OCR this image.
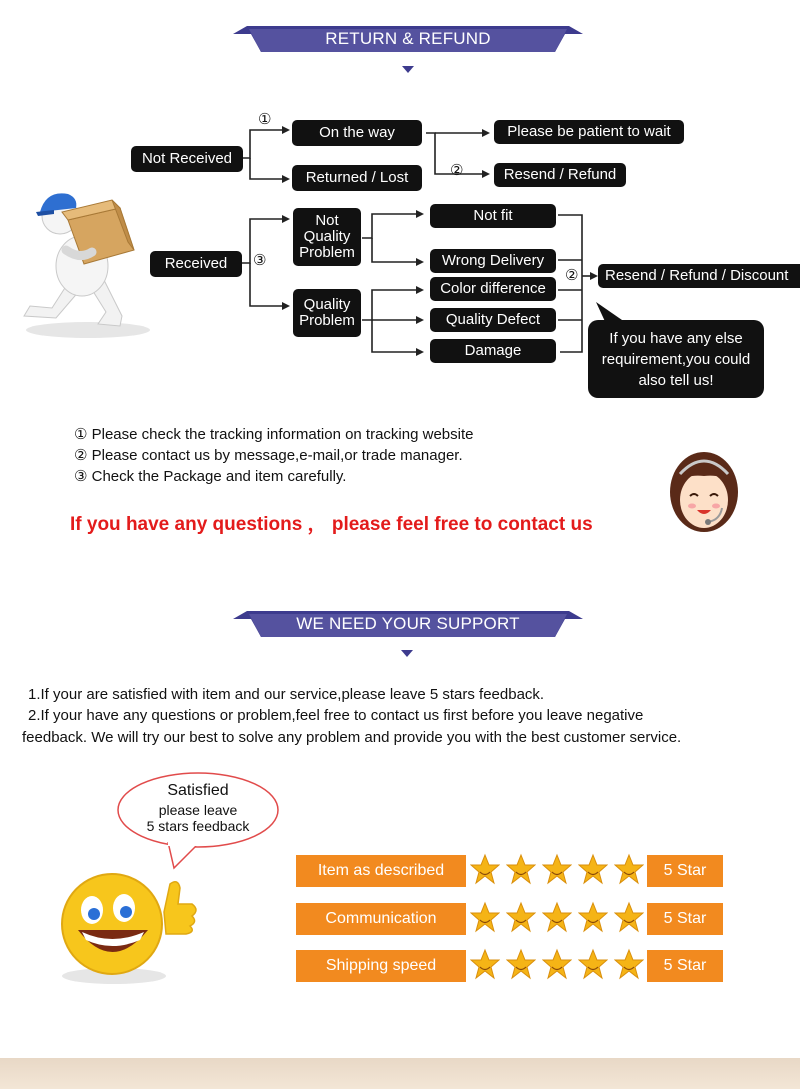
RETURN & REFUND
①
②
③
②
Not Received
On the way
Returned / Lost
Please be patient to wait
Resend / Refund
Received
Not Quality Problem
Quality Problem
Not fit
Wrong Delivery
Color difference
Quality Defect
Damage
Resend / Refund / Discount
If you have any else requirement,you could also tell us!
① Please check the tracking information on tracking website
② Please contact us by message,e-mail,or trade manager.
③ Check the Package and item carefully.
If you have any questions ， please feel free to contact us
WE NEED YOUR SUPPORT
1.If your are satisfied with item and our service,please leave 5 stars feedback.
2.If your have any questions or problem,feel free to contact us first before you leave negative
feedback. We will try our best to solve any problem and provide you with the best customer service.
Satisfied
please leave
5 stars feedback
Item as described	5 Star
Communication	5 Star
Shipping speed	5 Star
